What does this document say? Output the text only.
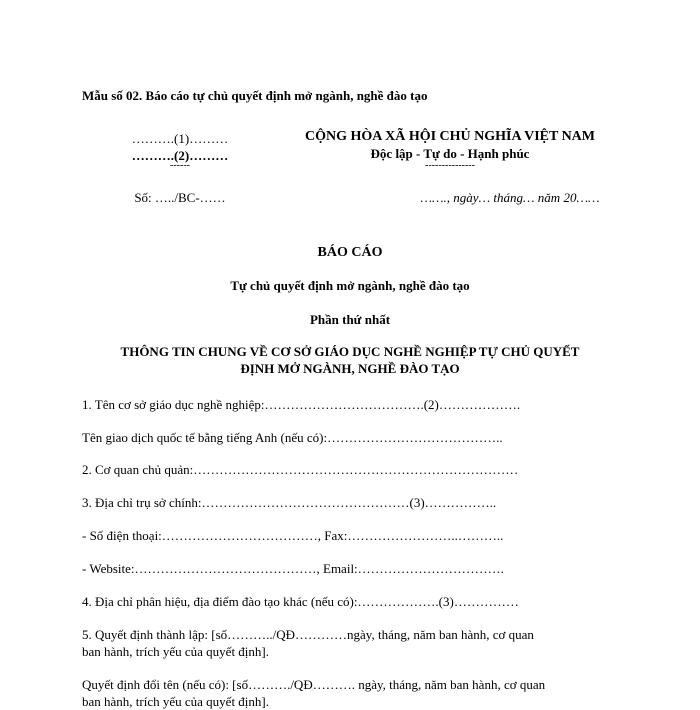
Mẫu số 02. Báo cáo tự chủ quyết định mở ngành, nghề đào tạo
……….(1)………
……….(2)………
------
Số: …../BC-……
CỘNG HÒA XÃ HỘI CHỦ NGHĨA VIỆT NAM
Độc lập - Tự do - Hạnh phúc
---------------
……., ngày… tháng… năm 20……
BÁO CÁO
Tự chủ quyết định mở ngành, nghề đào tạo
Phần thứ nhất
THÔNG TIN CHUNG VỀ CƠ SỞ GIÁO DỤC NGHỀ NGHIỆP TỰ CHỦ QUYẾT
ĐỊNH MỞ NGÀNH, NGHỀ ĐÀO TẠO
1. Tên cơ sở giáo dục nghề nghiệp:……………………………….(2)……………….
Tên giao dịch quốc tế bằng tiếng Anh (nếu có):…………………………………..
2. Cơ quan chủ quản:…………………………………………………………………
3. Địa chỉ trụ sở chính:…………………………………………(3)……………..
- Số điện thoại:………………………………, Fax:……………………..………..
- Website:……………………………………, Email:…………………………….
4. Địa chỉ phân hiệu, địa điểm đào tạo khác (nếu có):……………….(3)……………
5. Quyết định thành lập: [số………../QĐ…………ngày, tháng, năm ban hành, cơ quan
ban hành, trích yếu của quyết định].
Quyết định đổi tên (nếu có): [số………./QĐ………. ngày, tháng, năm ban hành, cơ quan
ban hành, trích yếu của quyết định].
